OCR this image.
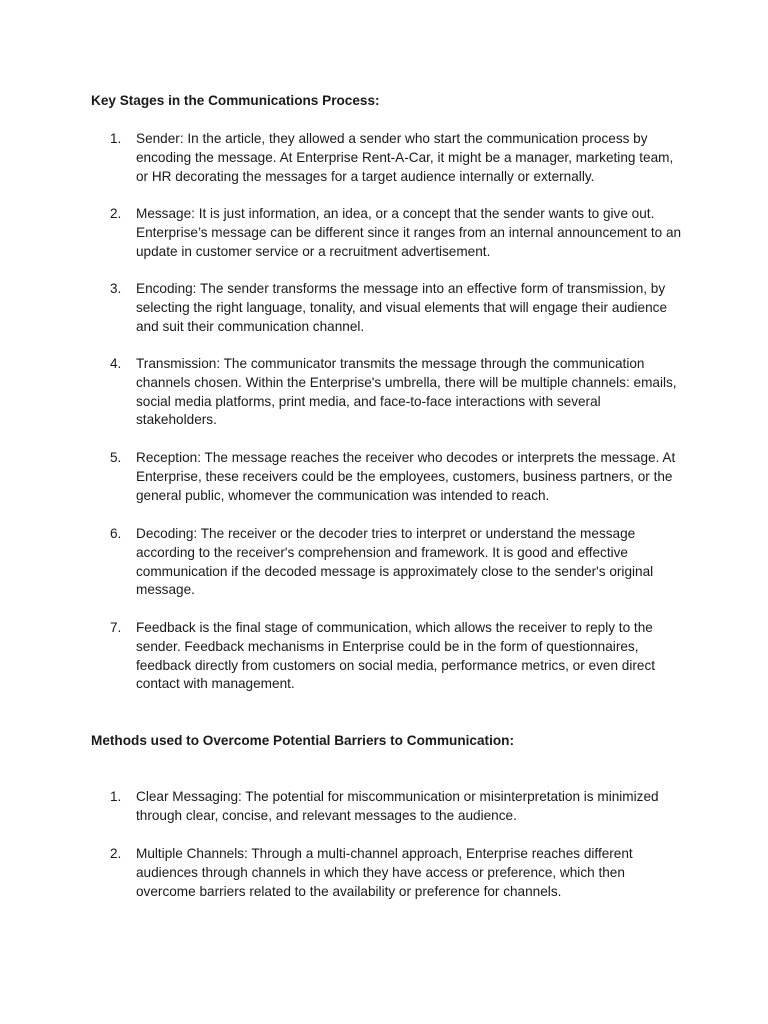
Key Stages in the Communications Process:
1.	Sender: In the article, they allowed a sender who start the communication process by encoding the message. At Enterprise Rent-A-Car, it might be a manager, marketing team, or HR decorating the messages for a target audience internally or externally.
2.	Message: It is just information, an idea, or a concept that the sender wants to give out. Enterprise’s message can be different since it ranges from an internal announcement to an update in customer service or a recruitment advertisement.
3.	Encoding: The sender transforms the message into an effective form of transmission, by selecting the right language, tonality, and visual elements that will engage their audience and suit their communication channel.
4.	Transmission: The communicator transmits the message through the communication channels chosen. Within the Enterprise's umbrella, there will be multiple channels: emails, social media platforms, print media, and face-to-face interactions with several stakeholders.
5.	Reception: The message reaches the receiver who decodes or interprets the message. At Enterprise, these receivers could be the employees, customers, business partners, or the general public, whomever the communication was intended to reach.
6.	Decoding: The receiver or the decoder tries to interpret or understand the message according to the receiver's comprehension and framework. It is good and effective communication if the decoded message is approximately close to the sender's original message.
7.	Feedback is the final stage of communication, which allows the receiver to reply to the sender. Feedback mechanisms in Enterprise could be in the form of questionnaires, feedback directly from customers on social media, performance metrics, or even direct contact with management.
Methods used to Overcome Potential Barriers to Communication:
1.	Clear Messaging: The potential for miscommunication or misinterpretation is minimized through clear, concise, and relevant messages to the audience.
2.	Multiple Channels: Through a multi-channel approach, Enterprise reaches different audiences through channels in which they have access or preference, which then overcome barriers related to the availability or preference for channels.
